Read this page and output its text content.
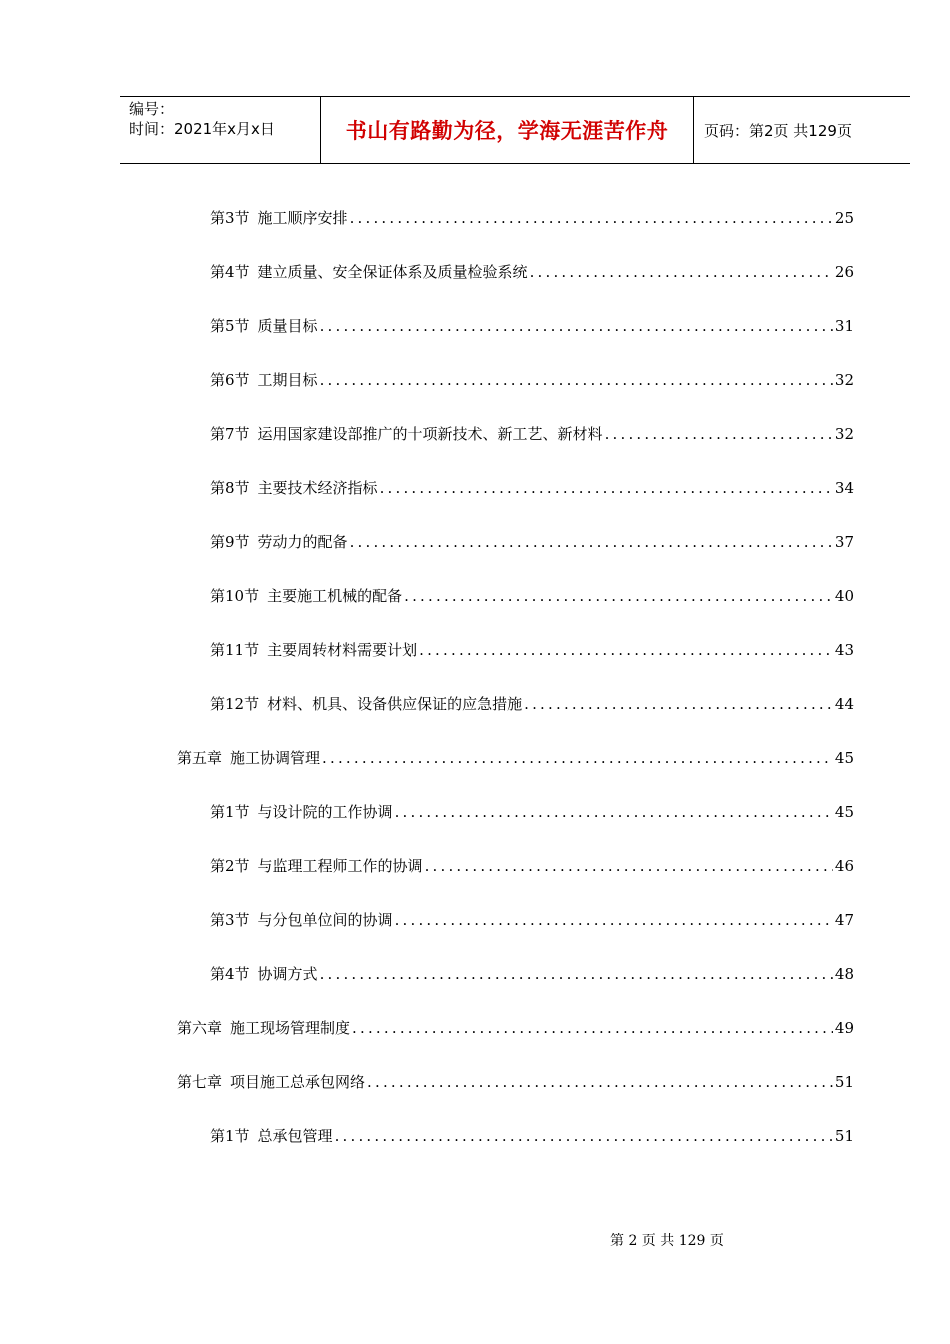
编号：
时间：2021年x月x日	书山有路勤为径，学海无涯苦作舟	页码：第2页 共129页
第3节 施工顺序安排 .....	25
第4节 建立质量、安全保证体系及质量检验系统 .....	26
第5节 质量目标 .....	31
第6节 工期目标 .....	32
第7节 运用国家建设部推广的十项新技术、新工艺、新材料 .....	32
第8节 主要技术经济指标 .....	34
第9节 劳动力的配备 .....	37
第10节 主要施工机械的配备 .....	40
第11节 主要周转材料需要计划 .....	43
第12节 材料、机具、设备供应保证的应急措施 .....	44
第五章 施工协调管理 .....	45
第1节 与设计院的工作协调 .....	45
第2节 与监理工程师工作的协调 .....	46
第3节 与分包单位间的协调 .....	47
第4节 协调方式 .....	48
第六章 施工现场管理制度 .....	49
第七章 项目施工总承包网络 .....	51
第1节 总承包管理 .....	51
第 2 页 共 129 页
